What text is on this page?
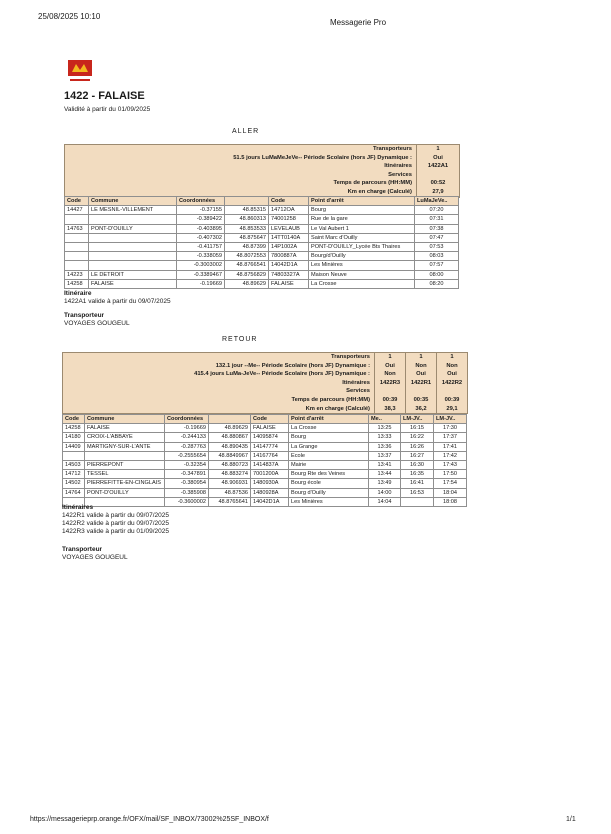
25/08/2025 10:10
Messagerie Pro
1422 - FALAISE
Validité à partir du 01/09/2025
ALLER
Transporteurs	1
51.5 jours LuMaMeJeVe-- Période Scolaire (hors JF) Dynamique :	Oui
Itinéraires	1422A1
Services
Temps de parcours (HH:MM)	00:52
Km en charge (Calculé)	27,9
Code	Commune	Coordonnées		Code	Point d'arrêt	LuMaJeVe..
14427	LE MESNIL-VILLEMENT	-0.37155	48.85315	14712OA	Bourg	07:20
		-0.389422	48.860313	74001258	Rue de la gare	07:31
14763	PONT-D'OUILLY	-0.403895	48.853533	LEVELAUB	Le Val Aubert 1	07:38
		-0.407302	48.875647	14TT0140A	Saint Marc d'Ouilly	07:47
		-0.411757	48.87399	14P1002A	PONT-D'OUILLY_Lycée Bts Thaires	07:53
		-0.338059	48.8072553	7800887A	Bourg/d'Ouilly	08:03
		-0.3003002	48.8766541	14042D1A	Les Minières	07:57
14223	LE DETROIT	-0.3389467	48.8756829	74803327A	Maison Neuve	08:00
14258	FALAISE	-0.19669	48.89629	FALAISE	La Crosse	08:20
Itinéraire
1422A1 valide à partir du 09/07/2025
Transporteur
VOYAGES GOUGEUL
RETOUR
Transporteurs	1	1	1
132.1 jour --Me-- Période Scolaire (hors JF) Dynamique :	Oui	Non	Non
415.4 jours LuMa-JeVe-- Période Scolaire (hors JF) Dynamique :	Non	Oui	Oui
Itinéraires	1422R3	1422R1	1422R2
Services
Temps de parcours (HH:MM)	00:39	00:35	00:39
Km en charge (Calculé)	38,3	36,2	29,1
Code	Commune	Coordonnées		Code	Point d'arrêt	Me..	LM-JV..	LM-JV..
14258	FALAISE	-0.19669	48.89629	FALAISE	La Crosse	13:25	16:15	17:30
14180	CROIX-L'ABBAYE	-0.244133	48.880867	14095874	Bourg	13:33	16:22	17:37
14409	MARTIGNY-SUR-L'ANTE	-0.287763	48.890435	14147774	La Grange	13:36	16:26	17:41
		-0.2555654	48.8849967	14167764	Ecole	13:37	16:27	17:42
14503	PIERREPONT	-0.32354	48.880723	1414837A	Mairie	13:41	16:30	17:43
14712	TESSEL	-0.347891	48.883274	7001200A	Bourg Rte des Veines	13:44	16:35	17:50
14502	PIERREFITTE-EN-CINGLAIS	-0.380954	48.906931	1480930A	Bourg école	13:49	16:41	17:54
14764	PONT-D'OUILLY	-0.385908	48.87536	1480928A	Bourg d'Ouilly	14:00	16:53	18:04
		-0.3600002	48.8765641	14042D1A	Les Minières	14:04		18:08
Itinéraires
1422R1 valide à partir du 09/07/2025
1422R2 valide à partir du 09/07/2025
1422R3 valide à partir du 01/09/2025
Transporteur
VOYAGES GOUGEUL
https://messagerieprp.orange.fr/OFX/mail/SF_INBOX/73002%25SF_INBOX/f	1/1
